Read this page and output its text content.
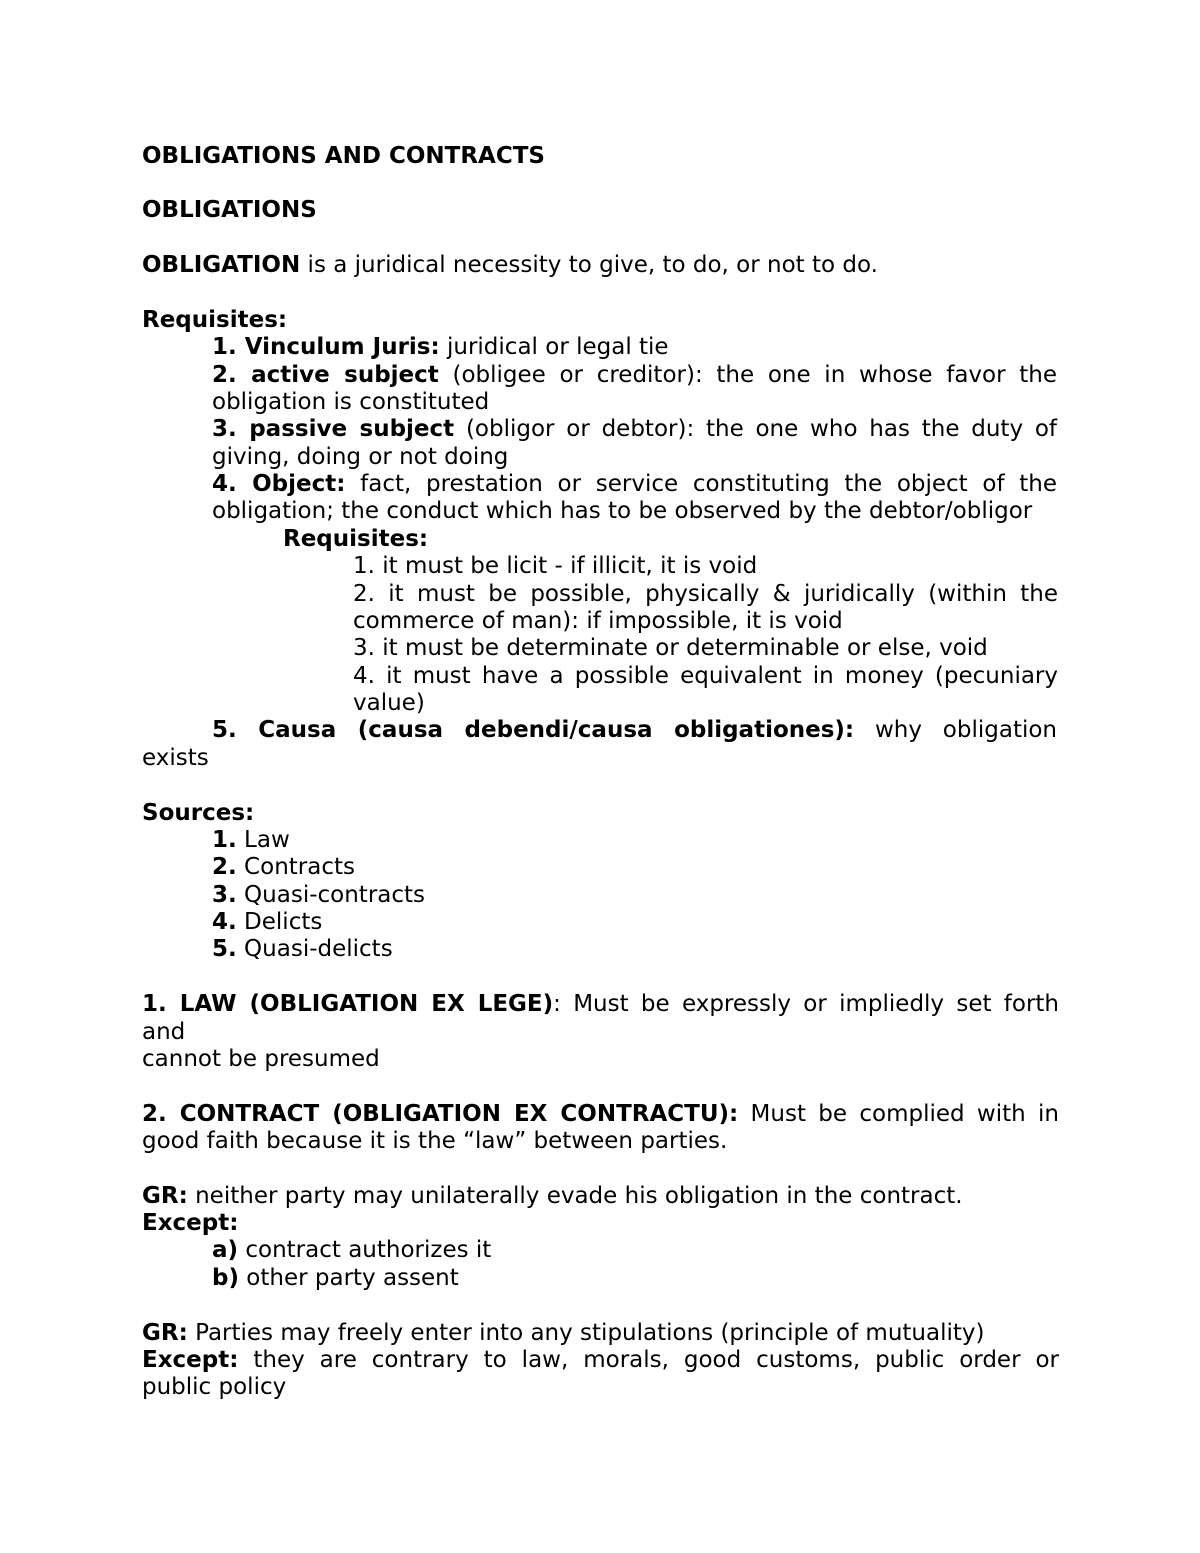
OBLIGATIONS AND CONTRACTS
OBLIGATIONS
OBLIGATION is a juridical necessity to give, to do, or not to do.
Requisites:
1. Vinculum Juris: juridical or legal tie
2. active subject (obligee or creditor): the one in whose favor the
obligation is constituted
3. passive subject (obligor or debtor): the one who has the duty of
giving, doing or not doing
4. Object: fact, prestation or service constituting the object of the
obligation; the conduct which has to be observed by the debtor/obligor
Requisites:
1. it must be licit - if illicit, it is void
2. it must be possible, physically & juridically (within the
commerce of man): if impossible, it is void
3. it must be determinate or determinable or else, void
4. it must have a possible equivalent in money (pecuniary
value)
5. Causa (causa debendi/causa obligationes): why obligation
exists
Sources:
1. Law
2. Contracts
3. Quasi-contracts
4. Delicts
5. Quasi-delicts
1. LAW (OBLIGATION EX LEGE): Must be expressly or impliedly set forth
and
cannot be presumed
2. CONTRACT (OBLIGATION EX CONTRACTU): Must be complied with in
good faith because it is the “law” between parties.
GR: neither party may unilaterally evade his obligation in the contract.
Except:
a) contract authorizes it
b) other party assent
GR: Parties may freely enter into any stipulations (principle of mutuality)
Except: they are contrary to law, morals, good customs, public order or
public policy
